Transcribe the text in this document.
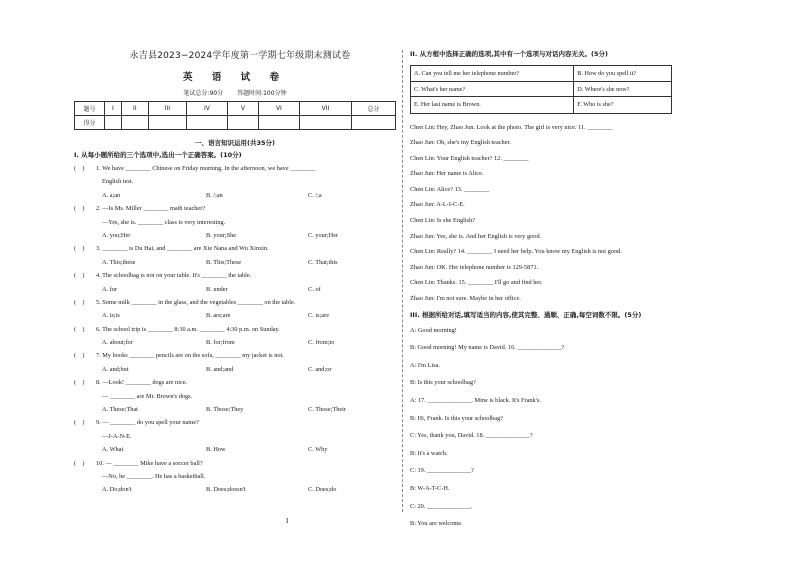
永吉县2023−2024学年度第一学期七年级期末测试卷
英 语 试 卷
笔试总分:90分 答题时间:100分钟
题号	I	II	III	IV	V	VI	VII	总分
得分								
一、语言知识运用(共35分)
I. 从每小题所给的三个选项中,选出一个正确答案。(10分)
(    ) 1. We have ________ Chinese on Friday morning. In the afternoon, we have ________
English test.
A. a;an	B. /;an	C. /;a
(    ) 2. —Is Ms. Miller ________ math teacher?
—Yes, she is. ________ class is very interesting.
A. you;Her	B. your;She	C. your;Her
(    ) 3. ________ is Du Hai, and ________ are Xie Nana and Wu Xinxin.
A. This;these	B. This;These	C. That;this
(    ) 4. The schoolbag is not on your table. It's ________ the table.
A. for	B. under	C. of
(    ) 5. Some milk ________ in the glass, and the vegetables ________ on the table.
A. is;is	B. are;are	C. is;are
(    ) 6. The school trip is ________ 8:30 a.m. ________ 4:30 p.m. on Sunday.
A. about;for	B. for;from	C. from;to
(    ) 7. My books ________ pencils are on the sofa, ________ my jacket is not.
A. and;but	B. and;and	C. and;or
(    ) 8. —Look! ________ dogs are nice.
— ________ are Mr. Brown's dogs.
A. These;That	B. Those;They	C. Those;Their
(    ) 9. — ________ do you spell your name?
—J-A-N-E.
A. What	B. How	C. Why
(    ) 10. — ________ Mike have a soccer ball?
—No, he ________. He has a basketball.
A. Do;don't	B. Does;doesn't	C. Does;do
II. 从方框中选择正确的选项,其中有一个选项与对话内容无关。(5分)
A. Can you tell me her telephone number?	B. How do you spell it?
C. What's her name?	D. Where's she now?
E. Her last name is Brown.	F. Who is she?
Chen Lin: Hey, Zhao Jun. Look at the photo. The girl is very nice. 11. ________
Zhao Jun: Oh, she's my English teacher.
Chen Lin: Your English teacher? 12. ________
Zhao Jun: Her name is Alice.
Chen Lin: Alice? 13. ________
Zhao Jun: A-L-I-C-E.
Chen Lin: Is she English?
Zhao Jun: Yes, she is. And her English is very good.
Chen Lin: Really? 14. ________ I need her help. You know my English is not good.
Zhao Jun: OK. Her telephone number is 129-5871.
Chen Lin: Thanks. 15. ________ I'll go and find her.
Zhao Jun: I'm not sure. Maybe in her office.
III. 根据所给对话,填写适当的内容,使其完整、通顺、正确,每空词数不限。(5分)
A: Good morning!
B: Good morning! My name is David. 16. ______________?
A: I'm Lisa.
B: Is this your schoolbag?
A: 17. ______________. Mine is black. It's Frank's.
B: Hi, Frank. Is this your schoolbag?
C: Yes, thank you, David. 18. ______________?
B: It's a watch.
C: 19. ______________?
B: W-A-T-C-H.
C: 20. ______________.
B: You are welcome.
I
